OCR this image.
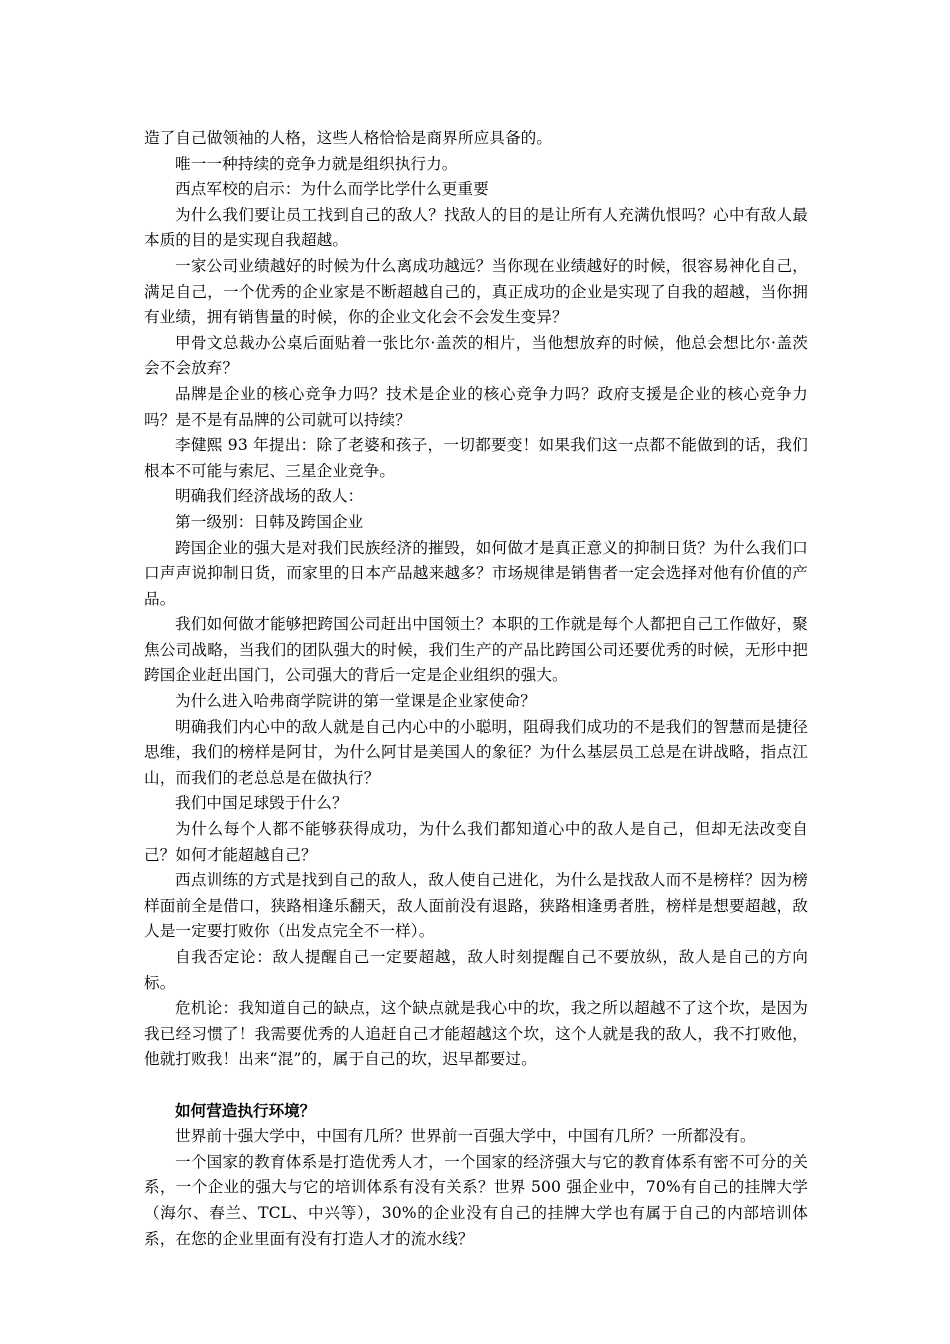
造了自己做领袖的人格，这些人格恰恰是商界所应具备的。

唯一一种持续的竞争力就是组织执行力。

西点军校的启示：为什么而学比学什么更重要

为什么我们要让员工找到自己的敌人？找敌人的目的是让所有人充满仇恨吗？心中有敌人最本质的目的是实现自我超越。

一家公司业绩越好的时候为什么离成功越远？当你现在业绩越好的时候，很容易神化自己，满足自己，一个优秀的企业家是不断超越自己的，真正成功的企业是实现了自我的超越，当你拥有业绩，拥有销售量的时候，你的企业文化会不会发生变异？

甲骨文总裁办公桌后面贴着一张比尔·盖茨的相片，当他想放弃的时候，他总会想比尔·盖茨会不会放弃？

品牌是企业的核心竞争力吗？技术是企业的核心竞争力吗？政府支援是企业的核心竞争力吗？是不是有品牌的公司就可以持续？

李健熙 93 年提出：除了老婆和孩子，一切都要变！如果我们这一点都不能做到的话，我们根本不可能与索尼、三星企业竞争。

明确我们经济战场的敌人：

第一级别：日韩及跨国企业

跨国企业的强大是对我们民族经济的摧毁，如何做才是真正意义的抑制日货？为什么我们口口声声说抑制日货，而家里的日本产品越来越多？市场规律是销售者一定会选择对他有价值的产品。

我们如何做才能够把跨国公司赶出中国领土？本职的工作就是每个人都把自己工作做好，聚焦公司战略，当我们的团队强大的时候，我们生产的产品比跨国公司还要优秀的时候，无形中把跨国企业赶出国门，公司强大的背后一定是企业组织的强大。

为什么进入哈弗商学院讲的第一堂课是企业家使命？

明确我们内心中的敌人就是自己内心中的小聪明，阻碍我们成功的不是我们的智慧而是捷径思维，我们的榜样是阿甘，为什么阿甘是美国人的象征？为什么基层员工总是在讲战略，指点江山，而我们的老总总是在做执行？

我们中国足球毁于什么？

为什么每个人都不能够获得成功，为什么我们都知道心中的敌人是自己，但却无法改变自己？如何才能超越自己？

西点训练的方式是找到自己的敌人，敌人使自己进化，为什么是找敌人而不是榜样？因为榜样面前全是借口，狭路相逢乐翻天，敌人面前没有退路，狭路相逢勇者胜，榜样是想要超越，敌人是一定要打败你（出发点完全不一样）。

自我否定论：敌人提醒自己一定要超越，敌人时刻提醒自己不要放纵，敌人是自己的方向标。

危机论：我知道自己的缺点，这个缺点就是我心中的坎，我之所以超越不了这个坎，是因为我已经习惯了！我需要优秀的人追赶自己才能超越这个坎，这个人就是我的敌人，我不打败他，他就打败我！出来“混”的，属于自己的坎，迟早都要过。

如何营造执行环境？

世界前十强大学中，中国有几所？世界前一百强大学中，中国有几所？一所都没有。

一个国家的教育体系是打造优秀人才，一个国家的经济强大与它的教育体系有密不可分的关系，一个企业的强大与它的培训体系有没有关系？世界 500 强企业中，70%有自己的挂牌大学（海尔、春兰、TCL、中兴等），30%的企业没有自己的挂牌大学也有属于自己的内部培训体系，在您的企业里面有没有打造人才的流水线？
